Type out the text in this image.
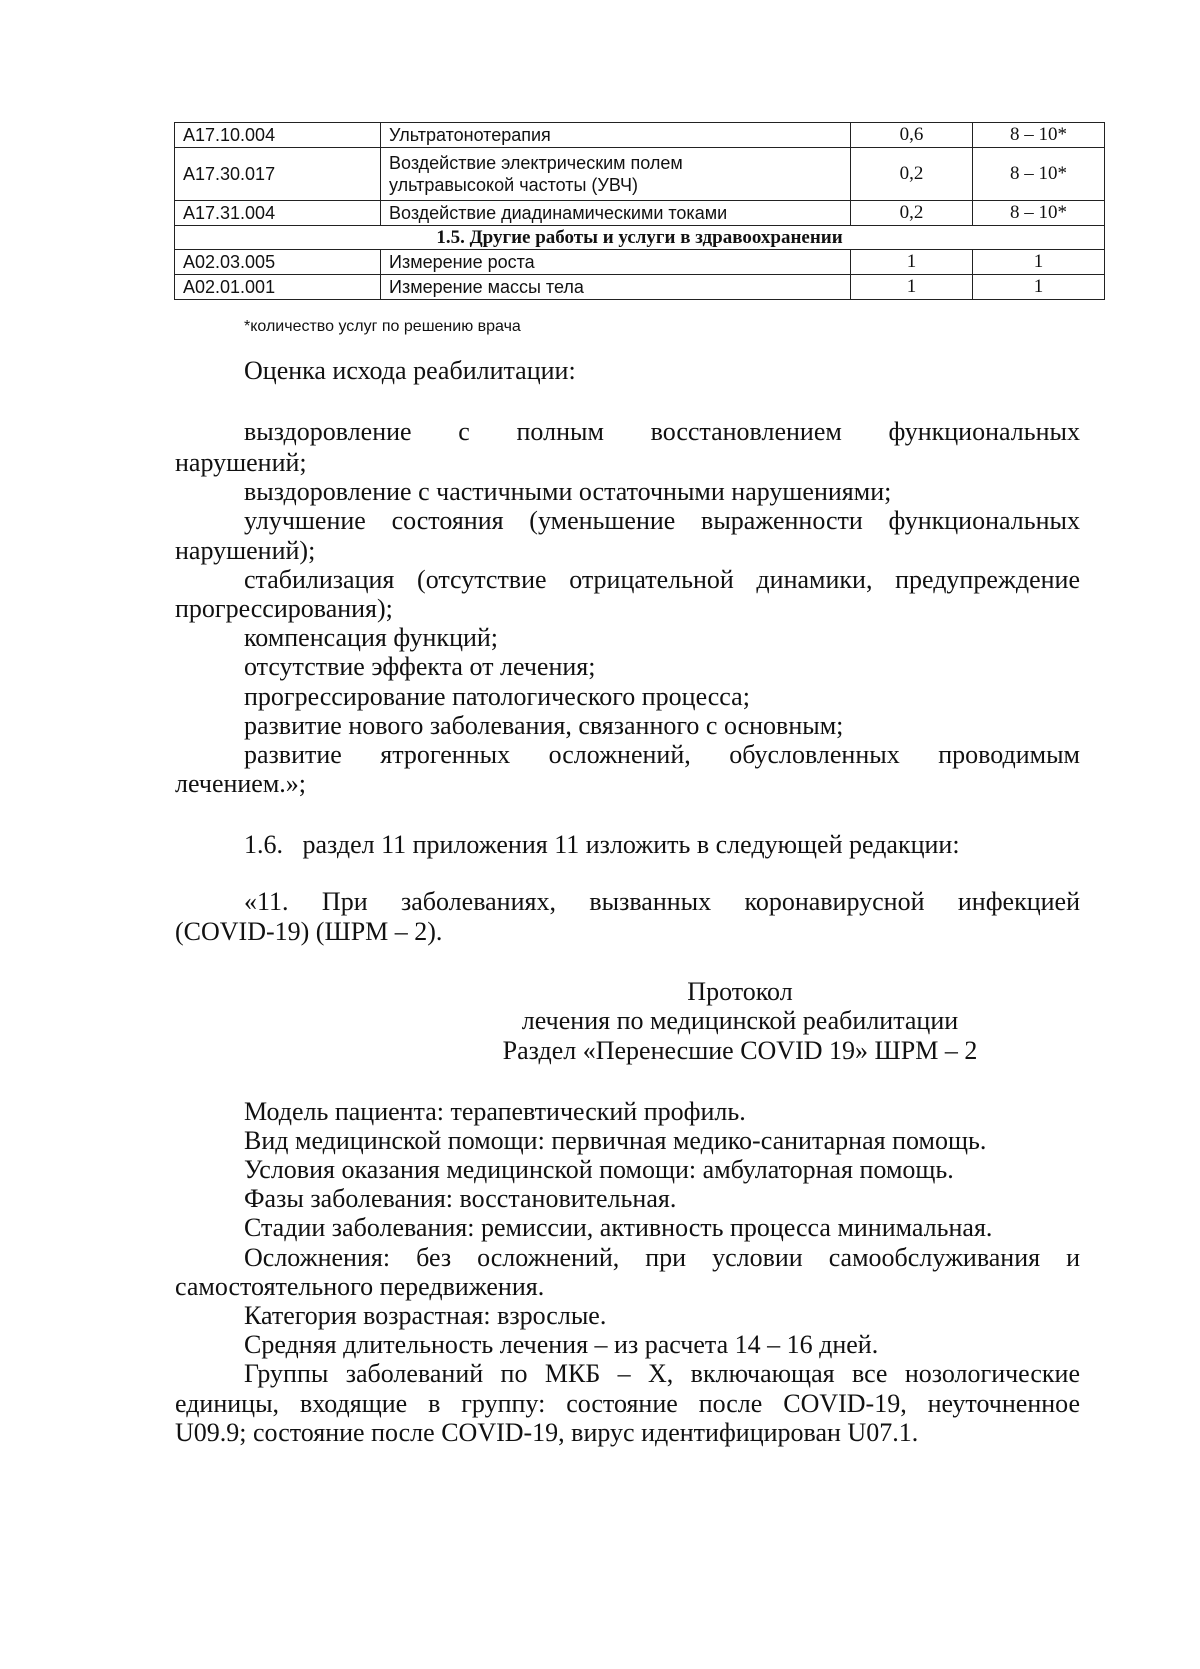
А17.10.004	Ультратонотерапия	0,6	8 – 10*
А17.30.017	Воздействие электрическим полем
ультравысокой частоты (УВЧ)	0,2	8 – 10*
А17.31.004	Воздействие диадинамическими токами	0,2	8 – 10*
1.5. Другие работы и услуги в здравоохранении			
А02.03.005	Измерение роста	1	1
А02.01.001	Измерение массы тела	1	1
*количество услуг по решению врача

Оценка исхода реабилитации:

выздоровление с полным восстановлением функциональных

нарушений;

выздоровление с частичными остаточными нарушениями;

улучшение состояния (уменьшение выраженности функциональных

нарушений);

стабилизация (отсутствие отрицательной динамики, предупреждение

прогрессирования);

компенсация функций;

отсутствие эффекта от лечения;

прогрессирование патологического процесса;

развитие нового заболевания, связанного с основным;

развитие ятрогенных осложнений, обусловленных проводимым

лечением.»;

1.6.   раздел 11 приложения 11 изложить в следующей редакции:

«11. При заболеваниях, вызванных коронавирусной инфекцией

(COVID-19) (ШРМ – 2).

Протокол

лечения по медицинской реабилитации

Раздел «Перенесшие COVID 19» ШРМ – 2

Модель пациента: терапевтический профиль.

Вид медицинской помощи: первичная медико-санитарная помощь.

Условия оказания медицинской помощи: амбулаторная помощь.

Фазы заболевания: восстановительная.

Стадии заболевания: ремиссии, активность процесса минимальная.

Осложнения: без осложнений, при условии самообслуживания и

самостоятельного передвижения.

Категория возрастная: взрослые.

Средняя длительность лечения – из расчета 14 – 16 дней.

Группы заболеваний по МКБ – X, включающая все нозологические

единицы, входящие в группу: состояние после COVID-19, неуточненное

U09.9; состояние после COVID-19, вирус идентифицирован U07.1.
